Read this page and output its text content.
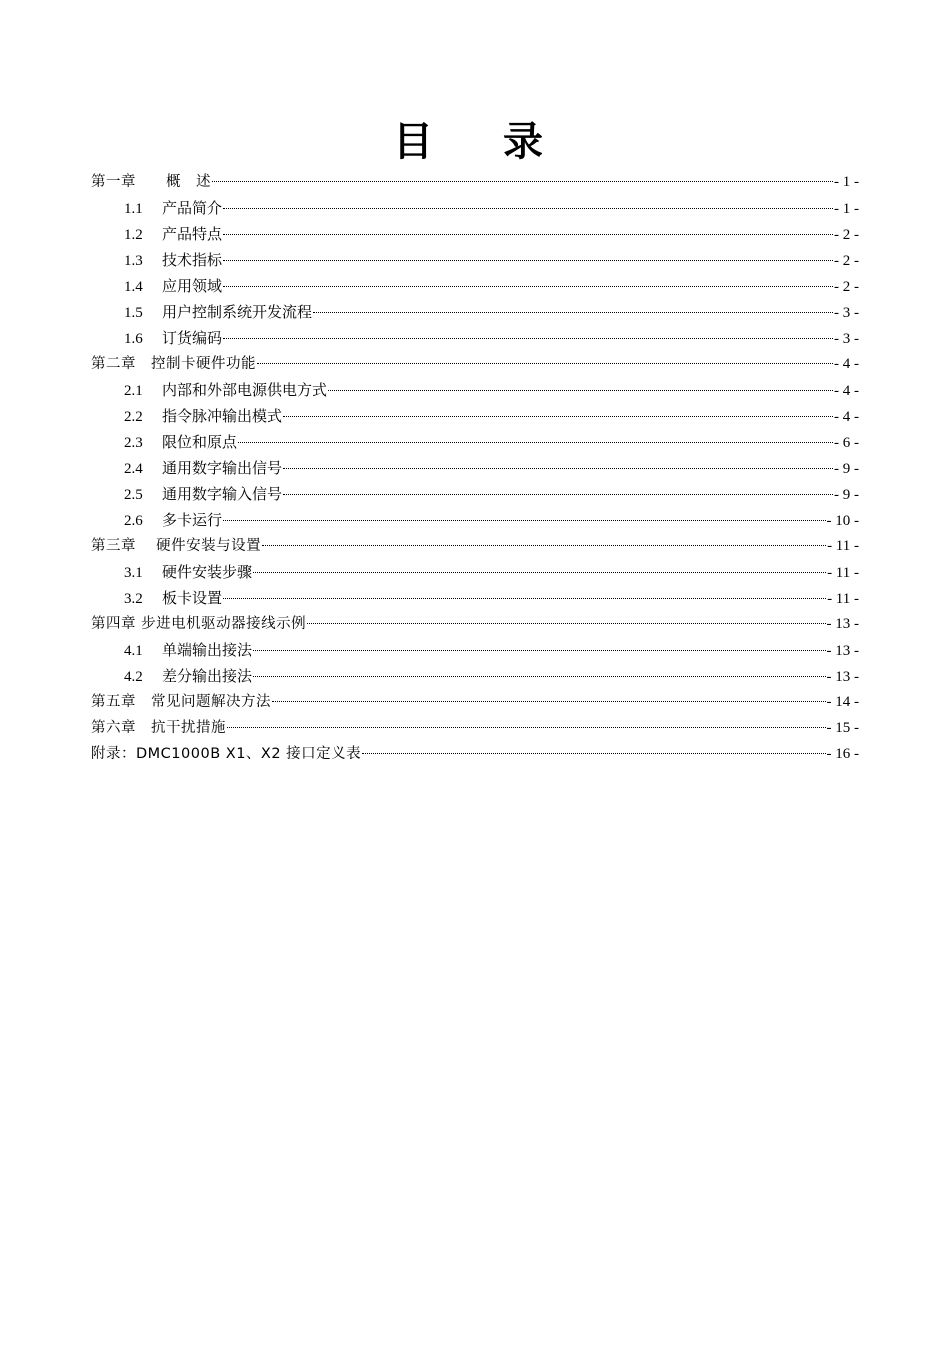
目 录
第一章　　概　述	- 1 -
1.1	产品简介	- 1 -
1.2	产品特点	- 2 -
1.3	技术指标	- 2 -
1.4	应用领域	- 2 -
1.5	用户控制系统开发流程	- 3 -
1.6	订货编码	- 3 -
第二章　控制卡硬件功能	- 4 -
2.1	内部和外部电源供电方式	- 4 -
2.2	指令脉冲输出模式	- 4 -
2.3	限位和原点	- 6 -
2.4	通用数字输出信号	- 9 -
2.5	通用数字输入信号	- 9 -
2.6	多卡运行	- 10 -
第三章　 硬件安装与设置	- 11 -
3.1	硬件安装步骤	- 11 -
3.2	板卡设置	- 11 -
第四章 步进电机驱动器接线示例	- 13 -
4.1	单端输出接法	- 13 -
4.2	差分输出接法	- 13 -
第五章　常见问题解决方法	- 14 -
第六章　抗干扰措施	- 15 -
附录：DMC1000B X1、X2 接口定义表	- 16 -
